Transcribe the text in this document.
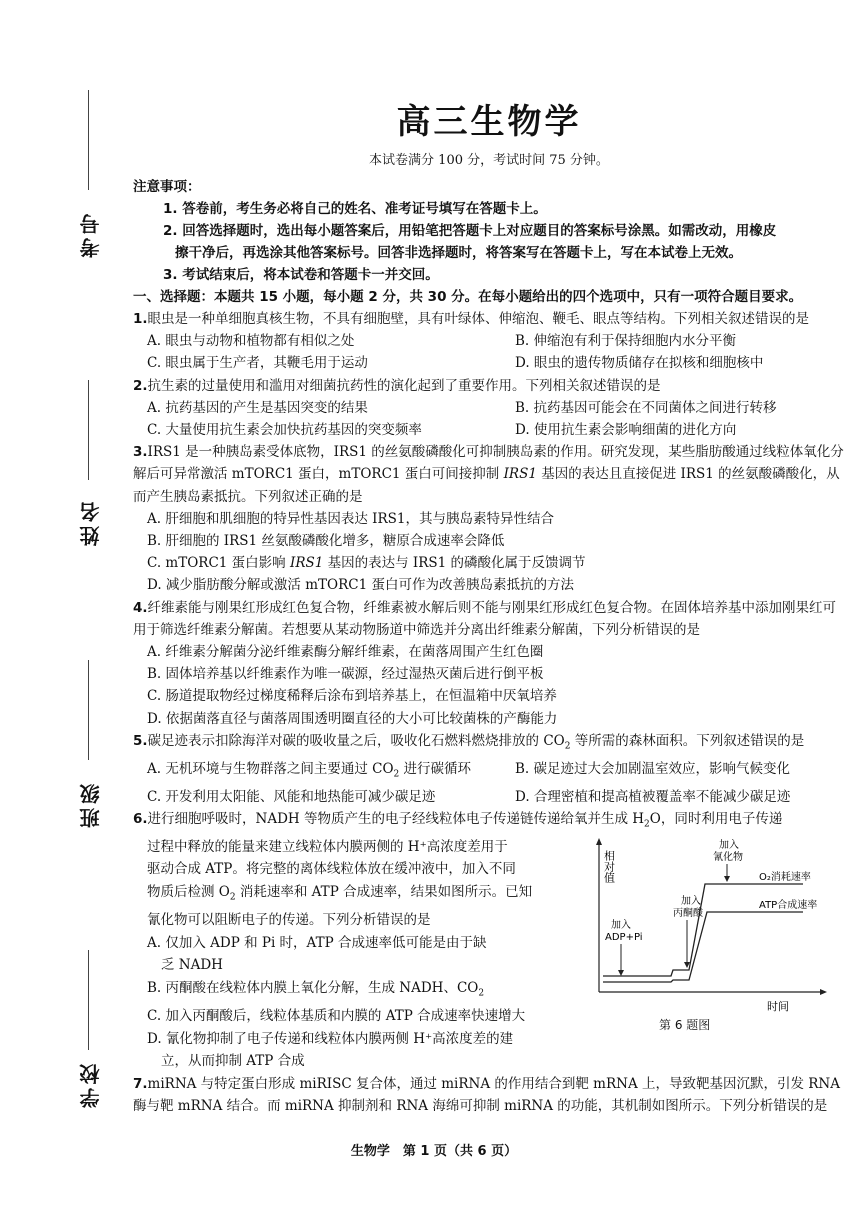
考号
姓名
班级
学校
高三生物学
本试卷满分 100 分，考试时间 75 分钟。
注意事项：
1. 答卷前，考生务必将自己的姓名、准考证号填写在答题卡上。
2. 回答选择题时，选出每小题答案后，用铅笔把答题卡上对应题目的答案标号涂黑。如需改动，用橡皮
擦干净后，再选涂其他答案标号。回答非选择题时，将答案写在答题卡上，写在本试卷上无效。
3. 考试结束后，将本试卷和答题卡一并交回。
一、选择题：本题共 15 小题，每小题 2 分，共 30 分。在每小题给出的四个选项中，只有一项符合题目要求。
1.眼虫是一种单细胞真核生物，不具有细胞壁，具有叶绿体、伸缩泡、鞭毛、眼点等结构。下列相关叙述错误的是
A. 眼虫与动物和植物都有相似之处	B. 伸缩泡有利于保持细胞内水分平衡
C. 眼虫属于生产者，其鞭毛用于运动	D. 眼虫的遗传物质储存在拟核和细胞核中
2.抗生素的过量使用和滥用对细菌抗药性的演化起到了重要作用。下列相关叙述错误的是
A. 抗药基因的产生是基因突变的结果	B. 抗药基因可能会在不同菌体之间进行转移
C. 大量使用抗生素会加快抗药基因的突变频率	D. 使用抗生素会影响细菌的进化方向
3.IRS1 是一种胰岛素受体底物，IRS1 的丝氨酸磷酸化可抑制胰岛素的作用。研究发现，某些脂肪酸通过线粒体氧化分解后可异常激活 mTORC1 蛋白，mTORC1 蛋白可间接抑制 IRS1 基因的表达且直接促进 IRS1 的丝氨酸磷酸化，从而产生胰岛素抵抗。下列叙述正确的是
A. 肝细胞和肌细胞的特异性基因表达 IRS1，其与胰岛素特异性结合
B. 肝细胞的 IRS1 丝氨酸磷酸化增多，糖原合成速率会降低
C. mTORC1 蛋白影响 IRS1 基因的表达与 IRS1 的磷酸化属于反馈调节
D. 减少脂肪酸分解或激活 mTORC1 蛋白可作为改善胰岛素抵抗的方法
4.纤维素能与刚果红形成红色复合物，纤维素被水解后则不能与刚果红形成红色复合物。在固体培养基中添加刚果红可用于筛选纤维素分解菌。若想要从某动物肠道中筛选并分离出纤维素分解菌，下列分析错误的是
A. 纤维素分解菌分泌纤维素酶分解纤维素，在菌落周围产生红色圈
B. 固体培养基以纤维素作为唯一碳源，经过湿热灭菌后进行倒平板
C. 肠道提取物经过梯度稀释后涂布到培养基上，在恒温箱中厌氧培养
D. 依据菌落直径与菌落周围透明圈直径的大小可比较菌株的产酶能力
5.碳足迹表示扣除海洋对碳的吸收量之后，吸收化石燃料燃烧排放的 $CO_2$ 等所需的森林面积。下列叙述错误的是
A. 无机环境与生物群落之间主要通过 $CO_2$ 进行碳循环	B. 碳足迹过大会加剧温室效应，影响气候变化
C. 开发利用太阳能、风能和地热能可减少碳足迹	D. 合理密植和提高植被覆盖率不能减少碳足迹
6.进行细胞呼吸时，NADH 等物质产生的电子经线粒体电子传递链传递给氧并生成 $H_2O$，同时利用电子传递
过程中释放的能量来建立线粒体内膜两侧的 H⁺高浓度差用于
驱动合成 ATP。将完整的离体线粒体放在缓冲液中，加入不同
物质后检测 $O_2$ 消耗速率和 ATP 合成速率，结果如图所示。已知
氰化物可以阻断电子的传递。下列分析错误的是
A. 仅加入 ADP 和 Pi 时，ATP 合成速率低可能是由于缺
乏 NADH
B. 丙酮酸在线粒体内膜上氧化分解，生成 NADH、$CO_2$
C. 加入丙酮酸后，线粒体基质和内膜的 ATP 合成速率快速增大
D. 氰化物抑制了电子传递和线粒体内膜两侧 H⁺高浓度差的建
立，从而抑制 ATP 合成
相对值
时间
加入
ADP+Pi
加入
丙酮酸
加入
氰化物
O₂消耗速率
ATP合成速率
第 6 题图
7.miRNA 与特定蛋白形成 miRISC 复合体，通过 miRNA 的作用结合到靶 mRNA 上，导致靶基因沉默，引发 RNA 酶与靶 mRNA 结合。而 miRNA 抑制剂和 RNA 海绵可抑制 miRNA 的功能，其机制如图所示。下列分析错误的是
生物学　第 1 页（共 6 页）
